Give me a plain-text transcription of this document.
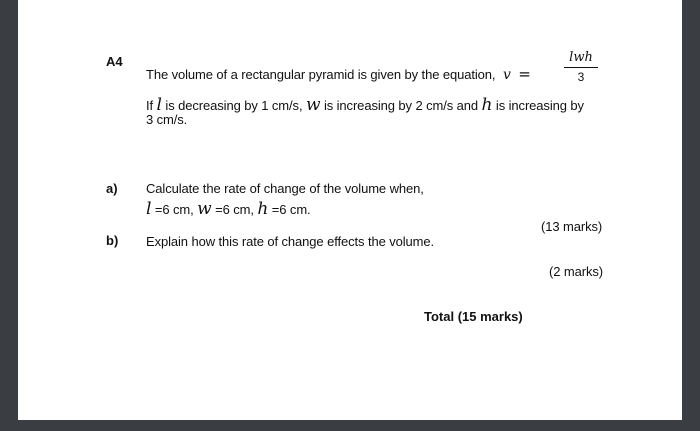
A4
The volume of a rectangular pyramid is given by the equation, v =
lwh
3
If l is decreasing by 1 cm/s, w is increasing by 2 cm/s and h is increasing by
3 cm/s.
a) Calculate the rate of change of the volume when,
l =6 cm, w =6 cm, h =6 cm.
(13 marks)
b) Explain how this rate of change effects the volume.
(2 marks)
Total (15 marks)
